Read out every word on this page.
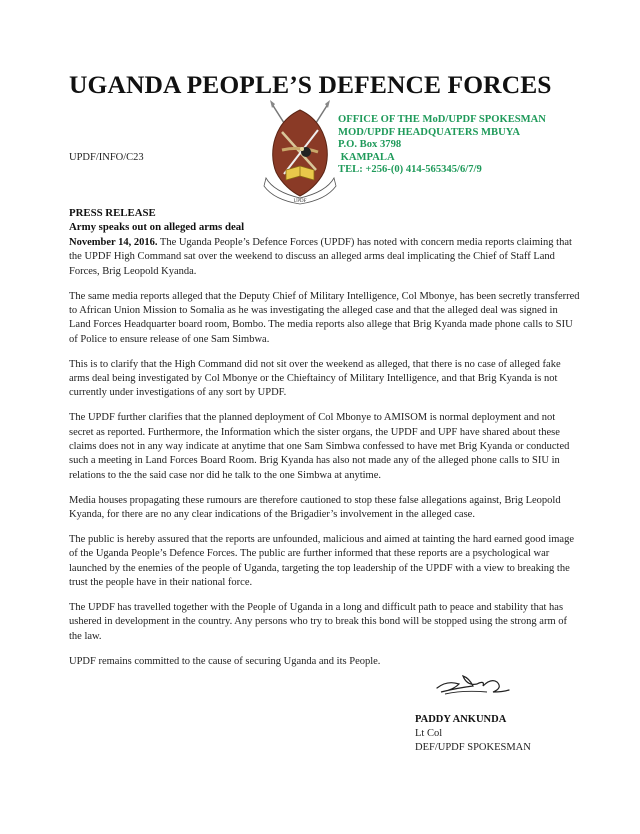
UGANDA PEOPLE’S DEFENCE FORCES
UPDF/INFO/C23
UPDF
OFFICE OF THE MoD/UPDF SPOKESMAN
MOD/UPDF HEADQUATERS MBUYA
P.O. Box 3798
KAMPALA
TEL: +256-(0) 414-565345/6/7/9
PRESS RELEASE
Army speaks out on alleged arms deal

November 14, 2016. The Uganda People’s Defence Forces (UPDF) has noted with concern media reports claiming that the UPDF High Command sat over the weekend to discuss an alleged arms deal implicating the Chief of Staff Land Forces, Brig Leopold Kyanda.

The same media reports alleged that the Deputy Chief of Military Intelligence, Col Mbonye, has been secretly transferred to African Union Mission to Somalia as he was investigating the alleged case and that the alleged deal was signed in Land Forces Headquarter board room, Bombo. The media reports also allege that Brig Kyanda made phone calls to SIU of Police to ensure release of one Sam Simbwa.

This is to clarify that the High Command did not sit over the weekend as alleged, that there is no case of alleged fake arms deal being investigated by Col Mbonye or the Chieftaincy of Military Intelligence, and that Brig Kyanda is not currently under investigations of any sort by UPDF.

The UPDF further clarifies that the planned deployment of Col Mbonye to AMISOM is normal deployment and not secret as reported. Furthermore, the Information which the sister organs, the UPDF and UPF have shared about these claims does not in any way indicate at anytime that one Sam Simbwa confessed to have met Brig Kyanda or conducted such a meeting in Land Forces Board Room. Brig Kyanda has also not made any of the alleged phone calls to SIU in relations to the the said case nor did he talk to the one Simbwa at anytime.

Media houses propagating these rumours are therefore cautioned to stop these false allegations against, Brig Leopold Kyanda, for there are no any clear indications of the Brigadier’s involvement in the alleged case.

The public is hereby assured that the reports are unfounded, malicious and aimed at tainting the hard earned good image of the Uganda People’s Defence Forces. The public are further informed that these reports are a psychological war launched by the enemies of the people of Uganda, targeting the top leadership of the UPDF with a view to breaking the trust the people have in their national force.

The UPDF has travelled together with the People of Uganda in a long and difficult path to peace and stability that has ushered in development in the country. Any persons who try to break this bond will be stopped using the strong arm of the law.

UPDF remains committed to the cause of securing Uganda and its People.

PADDY ANKUNDA
Lt Col
DEF/UPDF SPOKESMAN
